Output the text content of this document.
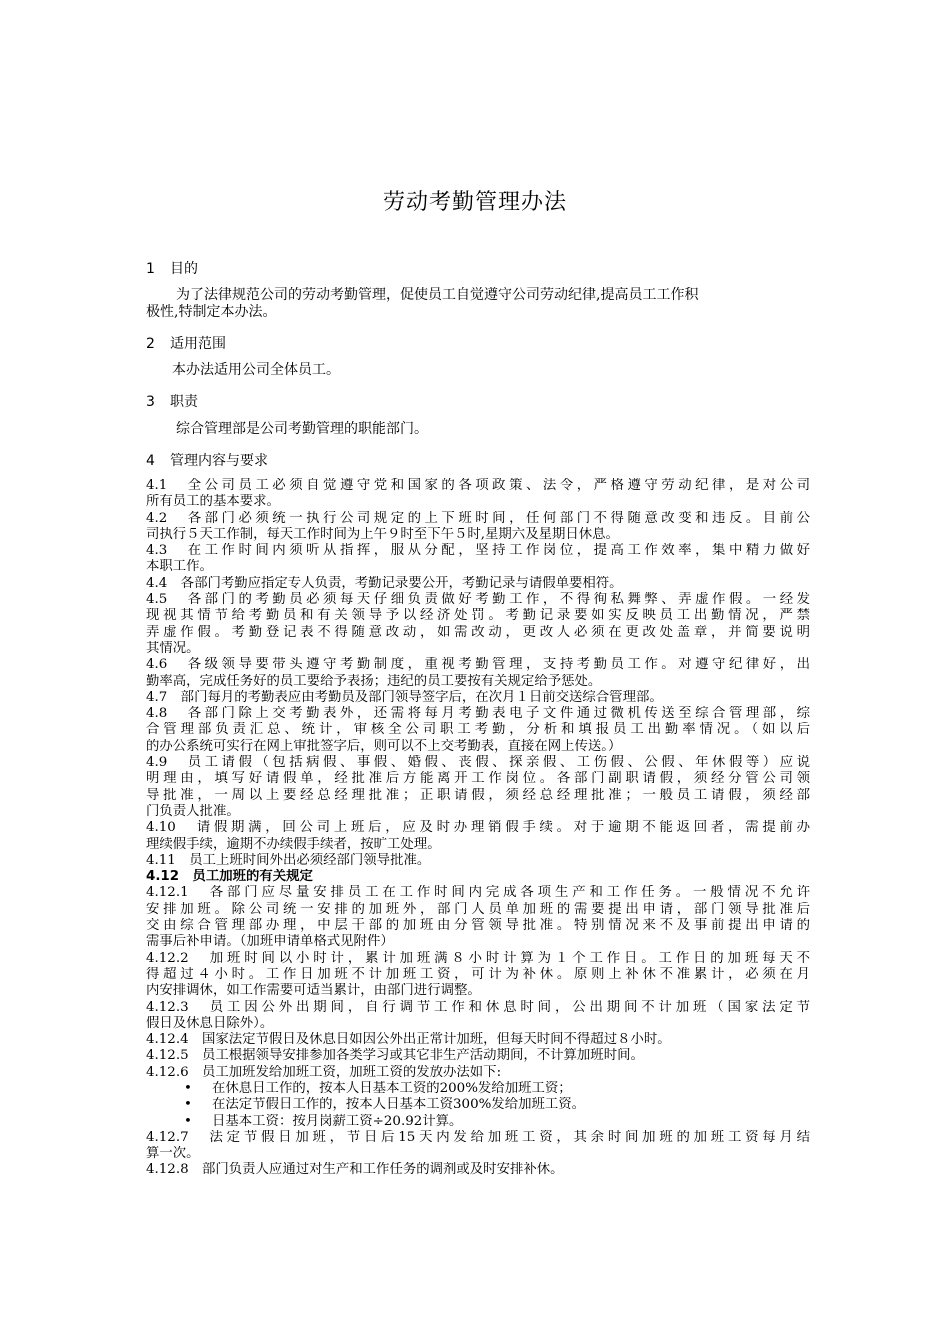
劳动考勤管理办法
1 目的
为了法律规范公司的劳动考勤管理，促使员工自觉遵守公司劳动纪律,提高员工工作积
极性,特制定本办法。
2 适用范围
本办法适用公司全体员工。
3 职责
综合管理部是公司考勤管理的职能部门。
4 管理内容与要求
4.1　全公司员工必须自觉遵守党和国家的各项政策、法令，严格遵守劳动纪律，是对公司
所有员工的基本要求。
4.2　各部门必须统一执行公司规定的上下班时间，任何部门不得随意改变和违反。目前公
司执行５天工作制，每天工作时间为上午９时至下午５时,星期六及星期日休息。
4.3　在工作时间内须听从指挥，服从分配，坚持工作岗位，提高工作效率，集中精力做好
本职工作。
4.4　各部门考勤应指定专人负责，考勤记录要公开，考勤记录与请假单要相符。
4.5　各部门的考勤员必须每天仔细负责做好考勤工作，不得徇私舞弊、弄虚作假。一经发
现视其情节给考勤员和有关领导予以经济处罚。考勤记录要如实反映员工出勤情况，严禁
弄虚作假。考勤登记表不得随意改动，如需改动，更改人必须在更改处盖章，并简要说明
其情况。
4.6　各级领导要带头遵守考勤制度，重视考勤管理，支持考勤员工作。对遵守纪律好，出
勤率高，完成任务好的员工要给予表扬；违纪的员工要按有关规定给予惩处。
4.7　部门每月的考勤表应由考勤员及部门领导签字后，在次月１日前交送综合管理部。
4.8　各部门除上交考勤表外，还需将每月考勤表电子文件通过微机传送至综合管理部，综
合管理部负责汇总、统计，审核全公司职工考勤，分析和填报员工出勤率情况。（如以后
的办公系统可实行在网上审批签字后，则可以不上交考勤表，直接在网上传送。）
4.9　员工请假（包括病假、事假、婚假、丧假、探亲假、工伤假、公假、年休假等）应说
明理由，填写好请假单，经批准后方能离开工作岗位。各部门副职请假，须经分管公司领
导批准，一周以上要经总经理批准；正职请假，须经总经理批准；一般员工请假，须经部
门负责人批准。
4.10　请假期满，回公司上班后，应及时办理销假手续。对于逾期不能返回者，需提前办
理续假手续，逾期不办续假手续者，按旷工处理。
4.11　员工上班时间外出必须经部门领导批准。
4.12　员工加班的有关规定
4.12.1　各部门应尽量安排员工在工作时间内完成各项生产和工作任务。一般情况不允许
安排加班。除公司统一安排的加班外，部门人员单加班的需要提出申请，部门领导批准后
交由综合管理部办理，中层干部的加班由分管领导批准。特别情况来不及事前提出申请的
需事后补申请。（加班申请单格式见附件）
4.12.2　加班时间以小时计，累计加班满８小时计算为１个工作日。工作日的加班每天不
得超过４小时。工作日加班不计加班工资，可计为补休。原则上补休不准累计，必须在月
内安排调休，如工作需要可适当累计，由部门进行调整。
4.12.3　员工因公外出期间，自行调节工作和休息时间，公出期间不计加班（国家法定节
假日及休息日除外）。
4.12.4　国家法定节假日及休息日如因公外出正常计加班，但每天时间不得超过８小时。
4.12.5　员工根据领导安排参加各类学习或其它非生产活动期间，不计算加班时间。
4.12.6　员工加班发给加班工资，加班工资的发放办法如下:
• 在休息日工作的，按本人日基本工资的200%发给加班工资；
• 在法定节假日工作的，按本人日基本工资300%发给加班工资。
• 日基本工资：按月岗薪工资÷20.92计算。
4.12.7　法定节假日加班，节日后15天内发给加班工资，其余时间加班的加班工资每月结
算一次。
4.12.8　部门负责人应通过对生产和工作任务的调剂或及时安排补休。
